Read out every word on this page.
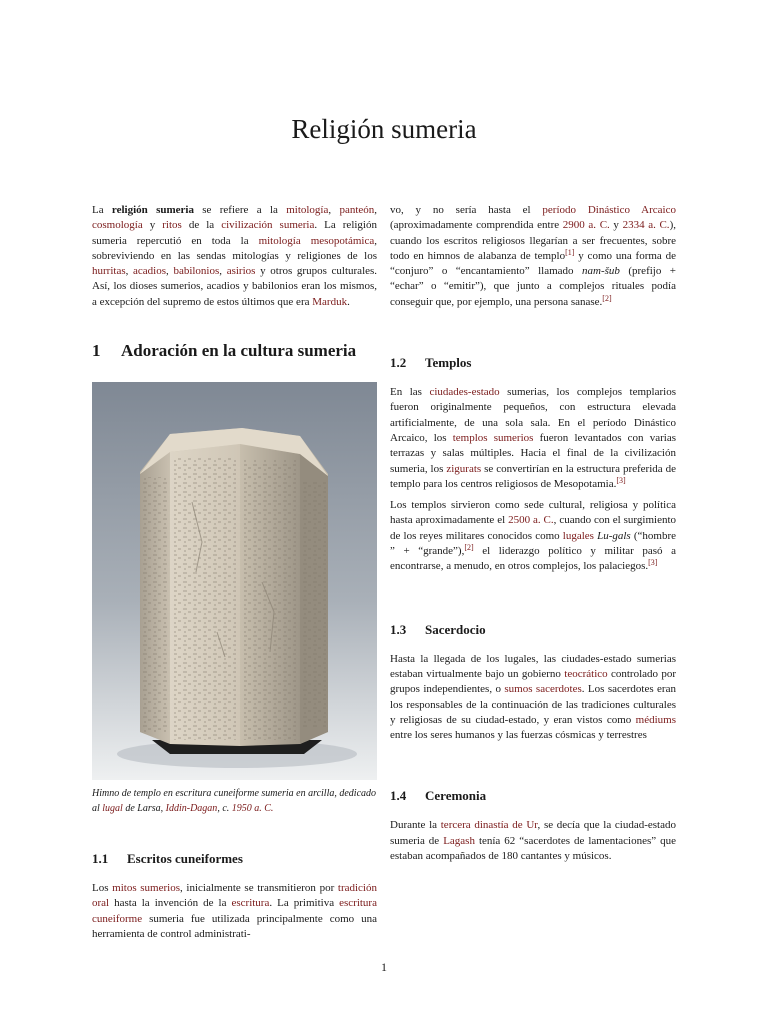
Religión sumeria

La religión sumeria se refiere a la mitología, panteón, cosmología y ritos de la civilización sumeria. La religión sumeria repercutió en toda la mitología mesopotámica, sobreviviendo en las sendas mitologías y religiones de los hurritas, acadios, babilonios, asirios y otros grupos culturales. Así, los dioses sumerios, acadios y babilonios eran los mismos, a excepción del supremo de estos últimos que era Marduk.

1 Adoración en la cultura sumeria

Himno de templo en escritura cuneiforme sumeria en arcilla, dedicado al lugal de Larsa, Iddin-Dagan, c. 1950 a. C.

1.1 Escritos cuneiformes

Los mitos sumerios, inicialmente se transmitieron por tradición oral hasta la invención de la escritura. La primitiva escritura cuneiforme sumeria fue utilizada principalmente como una herramienta de control administrati-

vo, y no sería hasta el período Dinástico Arcaico (aproximadamente comprendida entre 2900 a. C. y 2334 a. C.), cuando los escritos religiosos llegarían a ser frecuentes, sobre todo en himnos de alabanza de templo[1] y como una forma de “conjuro” o “encantamiento” llamado nam-šub (prefijo + “echar” o “emitir”), que junto a complejos rituales podía conseguir que, por ejemplo, una persona sanase.[2]

1.2 Templos

En las ciudades-estado sumerias, los complejos templarios fueron originalmente pequeños, con estructura elevada artificialmente, de una sola sala. En el período Dinástico Arcaico, los templos sumerios fueron levantados con varias terrazas y salas múltiples. Hacia el final de la civilización sumeria, los zigurats se convertirían en la estructura preferida de templo para los centros religiosos de Mesopotamia.[3]

Los templos sirvieron como sede cultural, religiosa y política hasta aproximadamente el 2500 a. C., cuando con el surgimiento de los reyes militares conocidos como lugales Lu-gals (“hombre ” + “grande”),[2] el liderazgo político y militar pasó a encontrarse, a menudo, en otros complejos, los palaciegos.[3]

1.3 Sacerdocio

Hasta la llegada de los lugales, las ciudades-estado sumerias estaban virtualmente bajo un gobierno teocrático controlado por grupos independientes, o sumos sacerdotes. Los sacerdotes eran los responsables de la continuación de las tradiciones culturales y religiosas de su ciudad-estado, y eran vistos como médiums entre los seres humanos y las fuerzas cósmicas y terrestres

1.4 Ceremonia

Durante la tercera dinastía de Ur, se decía que la ciudad-estado sumeria de Lagash tenía 62 “sacerdotes de lamentaciones” que estaban acompañados de 180 cantantes y músicos.

1
